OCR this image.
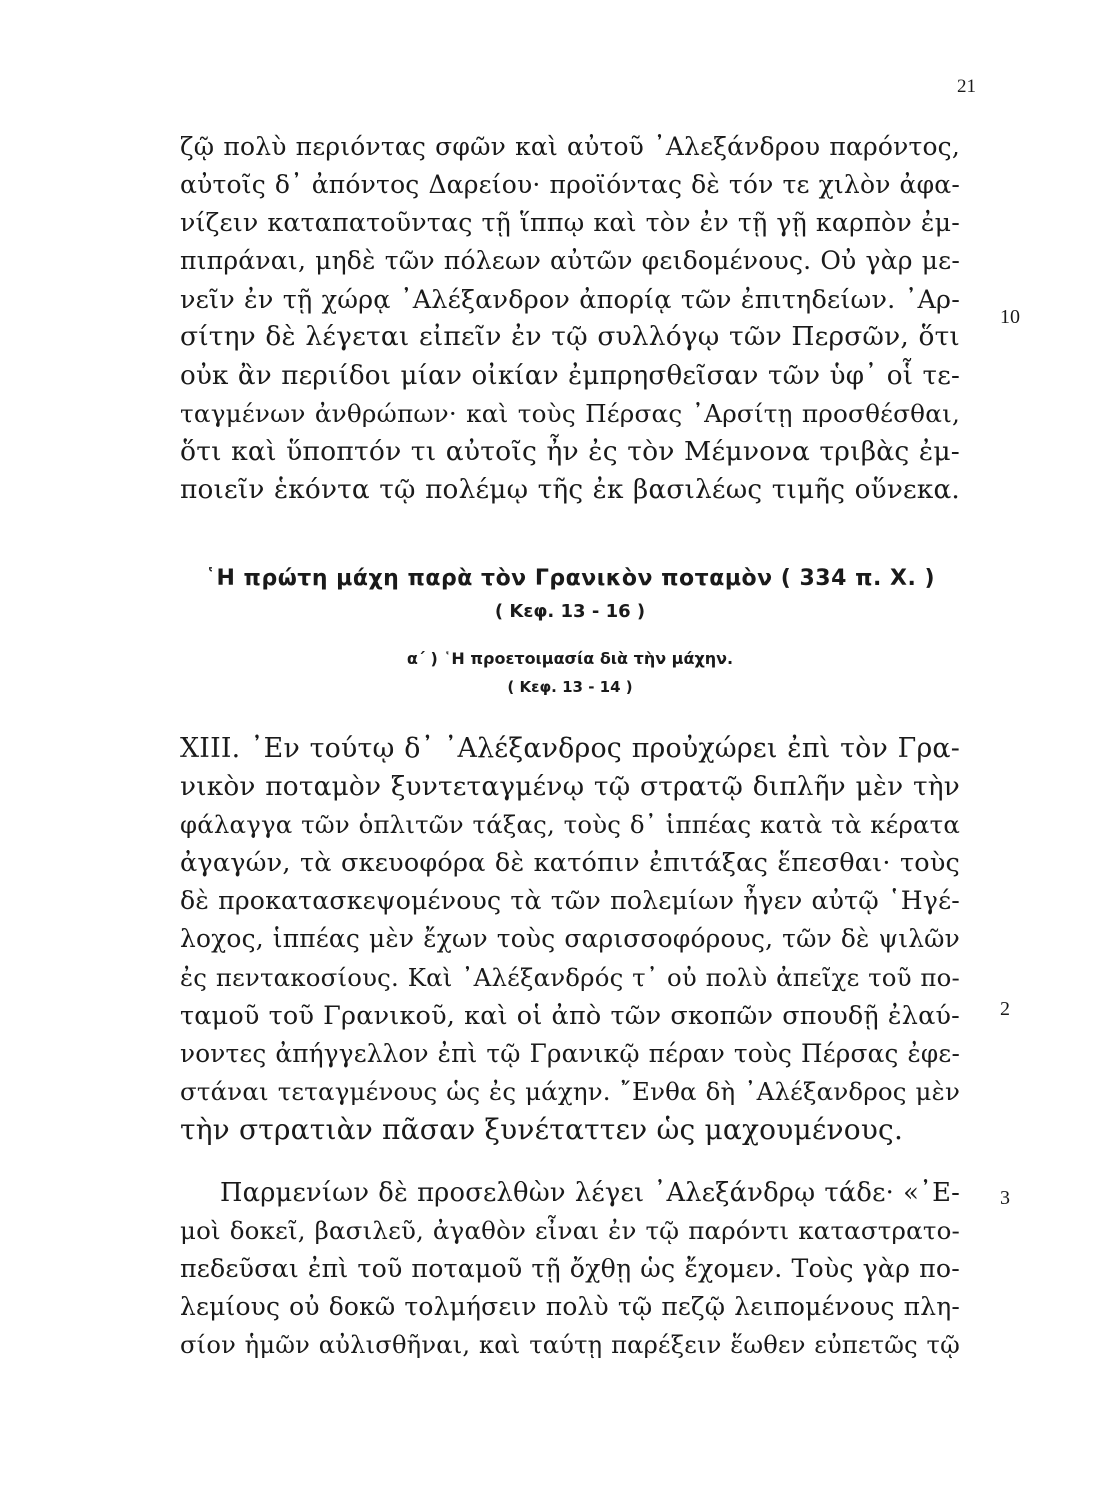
21
ζῷ πολὺ περιόντας σφῶν καὶ αὐτοῦ ᾽Αλεξάνδρου παρόντος,
αὐτοῖς δ᾽ ἀπόντος Δαρείου· προϊόντας δὲ τόν τε χιλὸν ἀφα-
νίζειν καταπατοῦντας τῇ ἵππῳ καὶ τὸν ἐν τῇ γῇ καρπὸν ἐμ-
πιπράναι, μηδὲ τῶν πόλεων αὐτῶν φειδομένους. Οὐ γὰρ με-
νεῖν ἐν τῇ χώρᾳ ᾽Αλέξανδρον ἀπορίᾳ τῶν ἐπιτηδείων. ᾽Αρ-
σίτην δὲ λέγεται εἰπεῖν ἐν τῷ συλλόγῳ τῶν Περσῶν, ὅτι
οὐκ ἂν περιίδοι μίαν οἰκίαν ἐμπρησθεῖσαν τῶν ὑφ᾽ οἷ τε-
ταγμένων ἀνθρώπων· καὶ τοὺς Πέρσας ᾽Αρσίτῃ προσθέσθαι,
ὅτι καὶ ὕποπτόν τι αὐτοῖς ἦν ἐς τὸν Μέμνονα τριβὰς ἐμ-
ποιεῖν ἑκόντα τῷ πολέμῳ τῆς ἐκ βασιλέως τιμῆς οὕνεκα.
10
῾Η πρώτη μάχη παρὰ τὸν Γρανικὸν ποταμὸν ( 334 π. Χ. )
( Κεφ. 13 - 16 )
α΄ ) ῾Η προετοιμασία διὰ τὴν μάχην.
( Κεφ. 13 - 14 )
XIII. ᾽Εν τούτῳ δ᾽ ᾽Αλέξανδρος προὐχώρει ἐπὶ τὸν Γρα-
νικὸν ποταμὸν ξυντεταγμένῳ τῷ στρατῷ διπλῆν μὲν τὴν
φάλαγγα τῶν ὁπλιτῶν τάξας, τοὺς δ᾽ ἱππέας κατὰ τὰ κέρατα
ἀγαγών, τὰ σκευοφόρα δὲ κατόπιν ἐπιτάξας ἕπεσθαι· τοὺς
δὲ προκατασκεψομένους τὰ τῶν πολεμίων ἦγεν αὐτῷ ῾Ηγέ-
λοχος, ἱππέας μὲν ἔχων τοὺς σαρισσοφόρους, τῶν δὲ ψιλῶν
ἐς πεντακοσίους. Καὶ ᾽Αλέξανδρός τ᾽ οὐ πολὺ ἀπεῖχε τοῦ πο-
ταμοῦ τοῦ Γρανικοῦ, καὶ οἱ ἀπὸ τῶν σκοπῶν σπουδῇ ἐλαύ-
νοντες ἀπήγγελλον ἐπὶ τῷ Γρανικῷ πέραν τοὺς Πέρσας ἐφε-
στάναι τεταγμένους ὡς ἐς μάχην. ῎Ενθα δὴ ᾽Αλέξανδρος μὲν
τὴν στρατιὰν πᾶσαν ξυνέταττεν ὡς μαχουμένους.
2
Παρμενίων δὲ προσελθὼν λέγει ᾽Αλεξάνδρῳ τάδε· «᾽Ε-
μοὶ δοκεῖ, βασιλεῦ, ἀγαθὸν εἶναι ἐν τῷ παρόντι καταστρατο-
πεδεῦσαι ἐπὶ τοῦ ποταμοῦ τῇ ὄχθῃ ὡς ἔχομεν. Τοὺς γὰρ πο-
λεμίους οὐ δοκῶ τολμήσειν πολὺ τῷ πεζῷ λειπομένους πλη-
σίον ἡμῶν αὐλισθῆναι, καὶ ταύτῃ παρέξειν ἕωθεν εὐπετῶς τῷ
3
